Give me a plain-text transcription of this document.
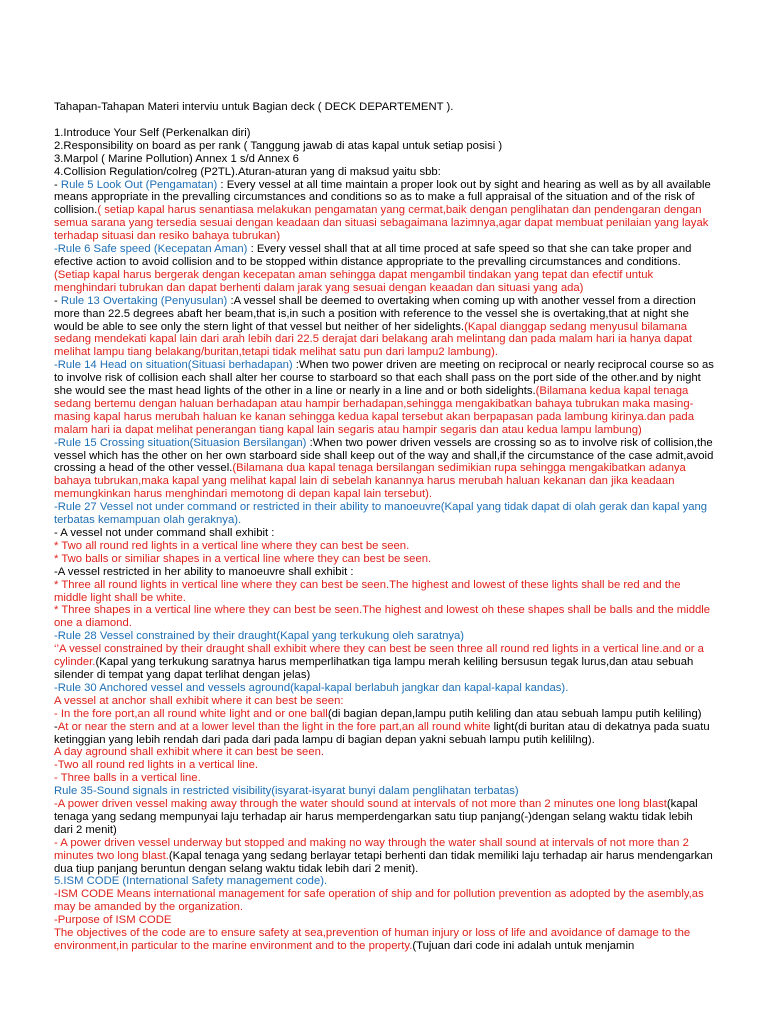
Tahapan-Tahapan Materi interviu untuk Bagian deck ( DECK DEPARTEMENT ).

1.Introduce Your Self (Perkenalkan diri)

2.Responsibility on board as per rank ( Tanggung jawab di atas kapal untuk setiap posisi )

3.Marpol ( Marine Pollution) Annex 1 s/d Annex 6

4.Collision Regulation/colreg (P2TL).Aturan-aturan yang di maksud yaitu sbb:

- Rule 5 Look Out (Pengamatan) : Every vessel at all time maintain a proper look out by sight and hearing as well as by all available means appropriate in the prevalling circumstances and conditions so as to make a full appraisal of the situation and of the risk of collision.( setiap kapal harus senantiasa melakukan pengamatan yang cermat,baik dengan penglihatan dan pendengaran dengan semua sarana yang tersedia sesuai dengan keadaan dan situasi sebagaimana lazimnya,agar dapat membuat penilaian yang layak terhadap situasi dan resiko bahaya tubrukan)

-Rule 6 Safe speed (Kecepatan Aman) : Every vessel shall that at all time proced at safe speed so that she can take proper and efective action to avoid collision and to be stopped within distance appropriate to the prevalling circumstances and conditions. (Setiap kapal harus bergerak dengan kecepatan aman sehingga dapat mengambil tindakan yang tepat dan efectif untuk menghindari tubrukan dan dapat berhenti dalam jarak yang sesuai dengan keaadan dan situasi yang ada)

- Rule 13 Overtaking (Penyusulan) :A vessel shall be deemed to overtaking when coming up with another vessel from a direction more than 22.5 degrees abaft her beam,that is,in such a position with reference to the vessel she is overtaking,that at night she would be able to see only the stern light of that vessel but neither of her sidelights.(Kapal dianggap sedang menyusul bilamana sedang mendekati kapal lain dari arah lebih dari 22.5 derajat dari belakang arah melintang dan pada malam hari ia hanya dapat melihat lampu tiang belakang/buritan,tetapi tidak melihat satu pun dari lampu2 lambung).

-Rule 14 Head on situation(Situasi berhadapan) :When two power driven are meeting on reciprocal or nearly reciprocal course so as to involve risk of collision each shall alter her course to starboard so that each shall pass on the port side of the other.and by night she would see the mast head lights of the other in a line or nearly in a line and or both sidelights.(Bilamana kedua kapal tenaga sedang bertemu dengan haluan berhadapan atau hampir berhadapan,sehingga mengakibatkan bahaya tubrukan maka masing-masing kapal harus merubah haluan ke kanan sehingga kedua kapal tersebut akan berpapasan pada lambung kirinya.dan pada malam hari ia dapat melihat penerangan tiang kapal lain segaris atau hampir segaris dan atau kedua lampu lambung)

-Rule 15 Crossing situation(Situasion Bersilangan) :When two power driven vessels are crossing so as to involve risk of collision,the vessel which has the other on her own starboard side shall keep out of the way and shall,if the circumstance of the case admit,avoid crossing a head of the other vessel.(Bilamana dua kapal tenaga bersilangan sedimikian rupa sehingga mengakibatkan adanya bahaya tubrukan,maka kapal yang melihat kapal lain di sebelah kanannya harus merubah haluan kekanan dan jika keadaan memungkinkan harus menghindari memotong di depan kapal lain tersebut).

-Rule 27 Vessel not under command or restricted in their ability to manoeuvre(Kapal yang tidak dapat di olah gerak dan kapal yang terbatas kemampuan olah geraknya).

- A vessel not under command shall exhibit :

* Two all round red lights in a vertical line where they can best be seen.

* Two balls or similiar shapes in a vertical line where they can best be seen.

-A vessel restricted in her ability to manoeuvre shall exhibit :

* Three all round lights in vertical line where they can best be seen.The highest and lowest of these lights shall be red and the middle light shall be white.

* Three shapes in a vertical line where they can best be seen.The highest and lowest oh these shapes shall be balls and the middle one a diamond.

-Rule 28 Vessel constrained by their draught(Kapal yang terkukung oleh saratnya)

‘’A vessel constrained by their draught shall exhibit where they can best be seen three all round red lights in a vertical line.and or a cylinder.(Kapal yang terkukung saratnya harus memperlihatkan tiga lampu merah keliling bersusun tegak lurus,dan atau sebuah silender di tempat yang dapat terlihat dengan jelas)

-Rule 30 Anchored vessel and vessels aground(kapal-kapal berlabuh jangkar dan kapal-kapal kandas).

A vessel at anchor shall exhibit where it can best be seen:

- In the fore port,an all round white light and or one ball(di bagian depan,lampu putih keliling dan atau sebuah lampu putih keliling)

-At or near the stern and at a lower level than the light in the fore part,an all round white light(di buritan atau di dekatnya pada suatu ketinggian yang lebih rendah dari pada dari pada lampu di bagian depan yakni sebuah lampu putih kelililng).

A day aground shall exhibit where it can best be seen.

-Two all round red lights in a vertical line.

- Three balls in a vertical line.

Rule 35-Sound signals in restricted visibility(isyarat-isyarat bunyi dalam penglihatan terbatas)

-A power driven vessel making away through the water should sound at intervals of not more than 2 minutes one long blast(kapal tenaga yang sedang mempunyai laju terhadap air harus memperdengarkan satu tiup panjang(-)dengan selang waktu tidak lebih dari 2 menit)

- A power driven vessel underway but stopped and making no way through the water shall sound at intervals of not more than 2 minutes two long blast.(Kapal tenaga yang sedang berlayar tetapi berhenti dan tidak memiliki laju terhadap air harus mendengarkan dua tiup panjang beruntun dengan selang waktu tidak lebih dari 2 menit).

5.ISM CODE (International Safety management code).

-ISM CODE Means international management for safe operation of ship and for pollution prevention as adopted by the asembly,as may be amanded by the organization.

-Purpose of ISM CODE

The objectives of the code are to ensure safety at sea,prevention of human injury or loss of life and avoidance of damage to the environment,in particular to the marine environment and to the property.(Tujuan dari code ini adalah untuk menjamin
